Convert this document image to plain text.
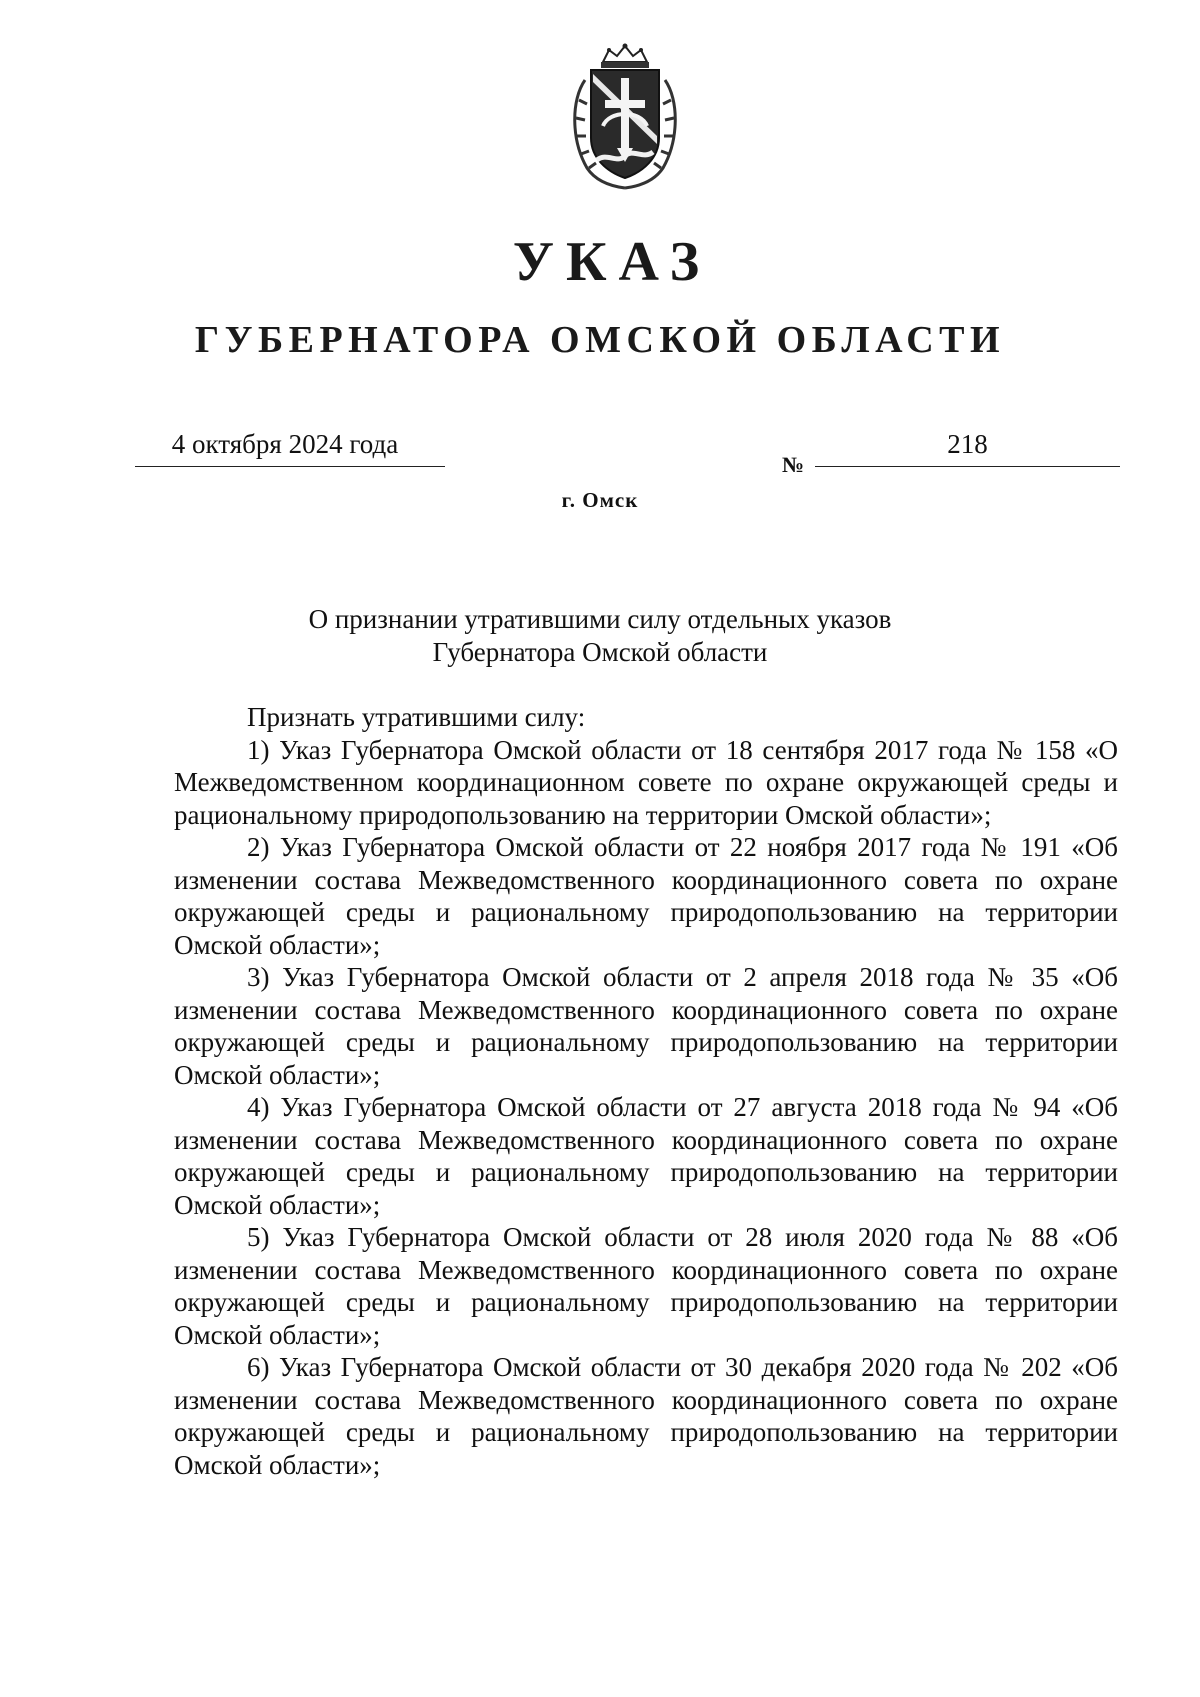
УКАЗ
ГУБЕРНАТОРА ОМСКОЙ ОБЛАСТИ
4 октября 2024 года
№
218
г. Омск
О признании утратившими силу отдельных указов
Губернатора Омской области

Признать утратившими силу:

1) Указ Губернатора Омской области от 18 сентября 2017 года № 158 «О Межведомственном координационном совете по охране окружающей среды и рациональному природопользованию на территории Омской области»;

2) Указ Губернатора Омской области от 22 ноября 2017 года № 191 «Об изменении состава Межведомственного координационного совета по охране окружающей среды и рациональному природопользованию на территории Омской области»;

3) Указ Губернатора Омской области от 2 апреля 2018 года № 35 «Об изменении состава Межведомственного координационного совета по охране окружающей среды и рациональному природопользованию на территории Омской области»;

4) Указ Губернатора Омской области от 27 августа 2018 года № 94 «Об изменении состава Межведомственного координационного совета по охране окружающей среды и рациональному природопользованию на территории Омской области»;

5) Указ Губернатора Омской области от 28 июля 2020 года № 88 «Об изменении состава Межведомственного координационного совета по охране окружающей среды и рациональному природопользованию на территории Омской области»;

6) Указ Губернатора Омской области от 30 декабря 2020 года № 202 «Об изменении состава Межведомственного координационного совета по охране окружающей среды и рациональному природопользованию на территории Омской области»;
